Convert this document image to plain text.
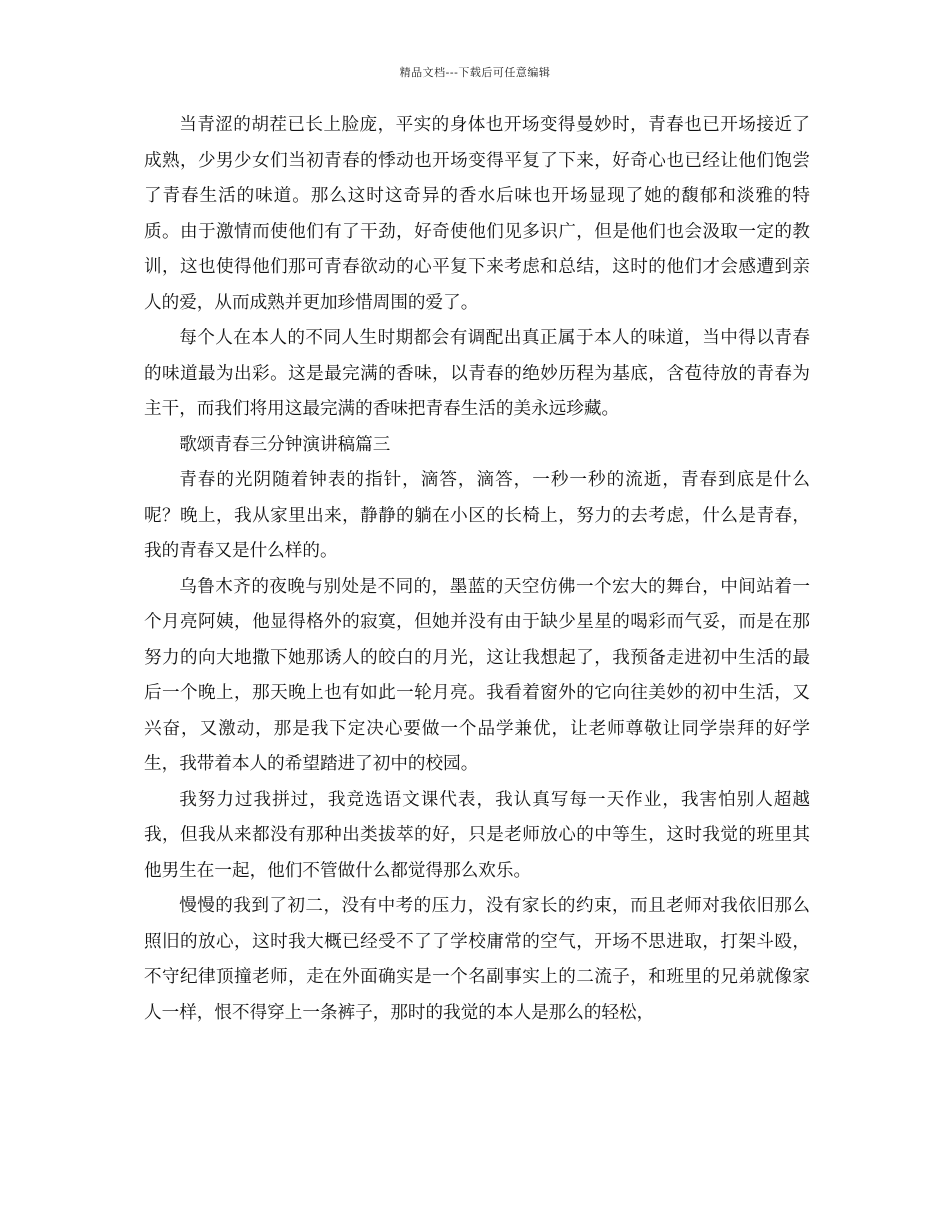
精品文档---下载后可任意编辑

当青涩的胡茬已长上脸庞，平实的身体也开场变得曼妙时，青春也已开场接近了成熟，少男少女们当初青春的悸动也开场变得平复了下来，好奇心也已经让他们饱尝了青春生活的味道。那么这时这奇异的香水后味也开场显现了她的馥郁和淡雅的特质。由于激情而使他们有了干劲，好奇使他们见多识广，但是他们也会汲取一定的教训，这也使得他们那可青春欲动的心平复下来考虑和总结，这时的他们才会感遭到亲人的爱，从而成熟并更加珍惜周围的爱了。

每个人在本人的不同人生时期都会有调配出真正属于本人的味道，当中得以青春的味道最为出彩。这是最完满的香味，以青春的绝妙历程为基底，含苞待放的青春为主干，而我们将用这最完满的香味把青春生活的美永远珍藏。

歌颂青春三分钟演讲稿篇三

青春的光阴随着钟表的指针，滴答，滴答，一秒一秒的流逝，青春到底是什么呢？晚上，我从家里出来，静静的躺在小区的长椅上，努力的去考虑，什么是青春，我的青春又是什么样的。

乌鲁木齐的夜晚与别处是不同的，墨蓝的天空仿佛一个宏大的舞台，中间站着一个月亮阿姨，他显得格外的寂寞，但她并没有由于缺少星星的喝彩而气妥，而是在那努力的向大地撒下她那诱人的皎白的月光，这让我想起了，我预备走进初中生活的最后一个晚上，那天晚上也有如此一轮月亮。我看着窗外的它向往美妙的初中生活，又兴奋，又激动，那是我下定决心要做一个品学兼优，让老师尊敬让同学崇拜的好学生，我带着本人的希望踏进了初中的校园。

我努力过我拼过，我竞选语文课代表，我认真写每一天作业，我害怕别人超越我，但我从来都没有那种出类拔萃的好，只是老师放心的中等生，这时我觉的班里其他男生在一起，他们不管做什么都觉得那么欢乐。

慢慢的我到了初二，没有中考的压力，没有家长的约束，而且老师对我依旧那么照旧的放心，这时我大概已经受不了了学校庸常的空气，开场不思进取，打架斗殴，不守纪律顶撞老师，走在外面确实是一个名副事实上的二流子，和班里的兄弟就像家人一样，恨不得穿上一条裤子，那时的我觉的本人是那么的轻松，
